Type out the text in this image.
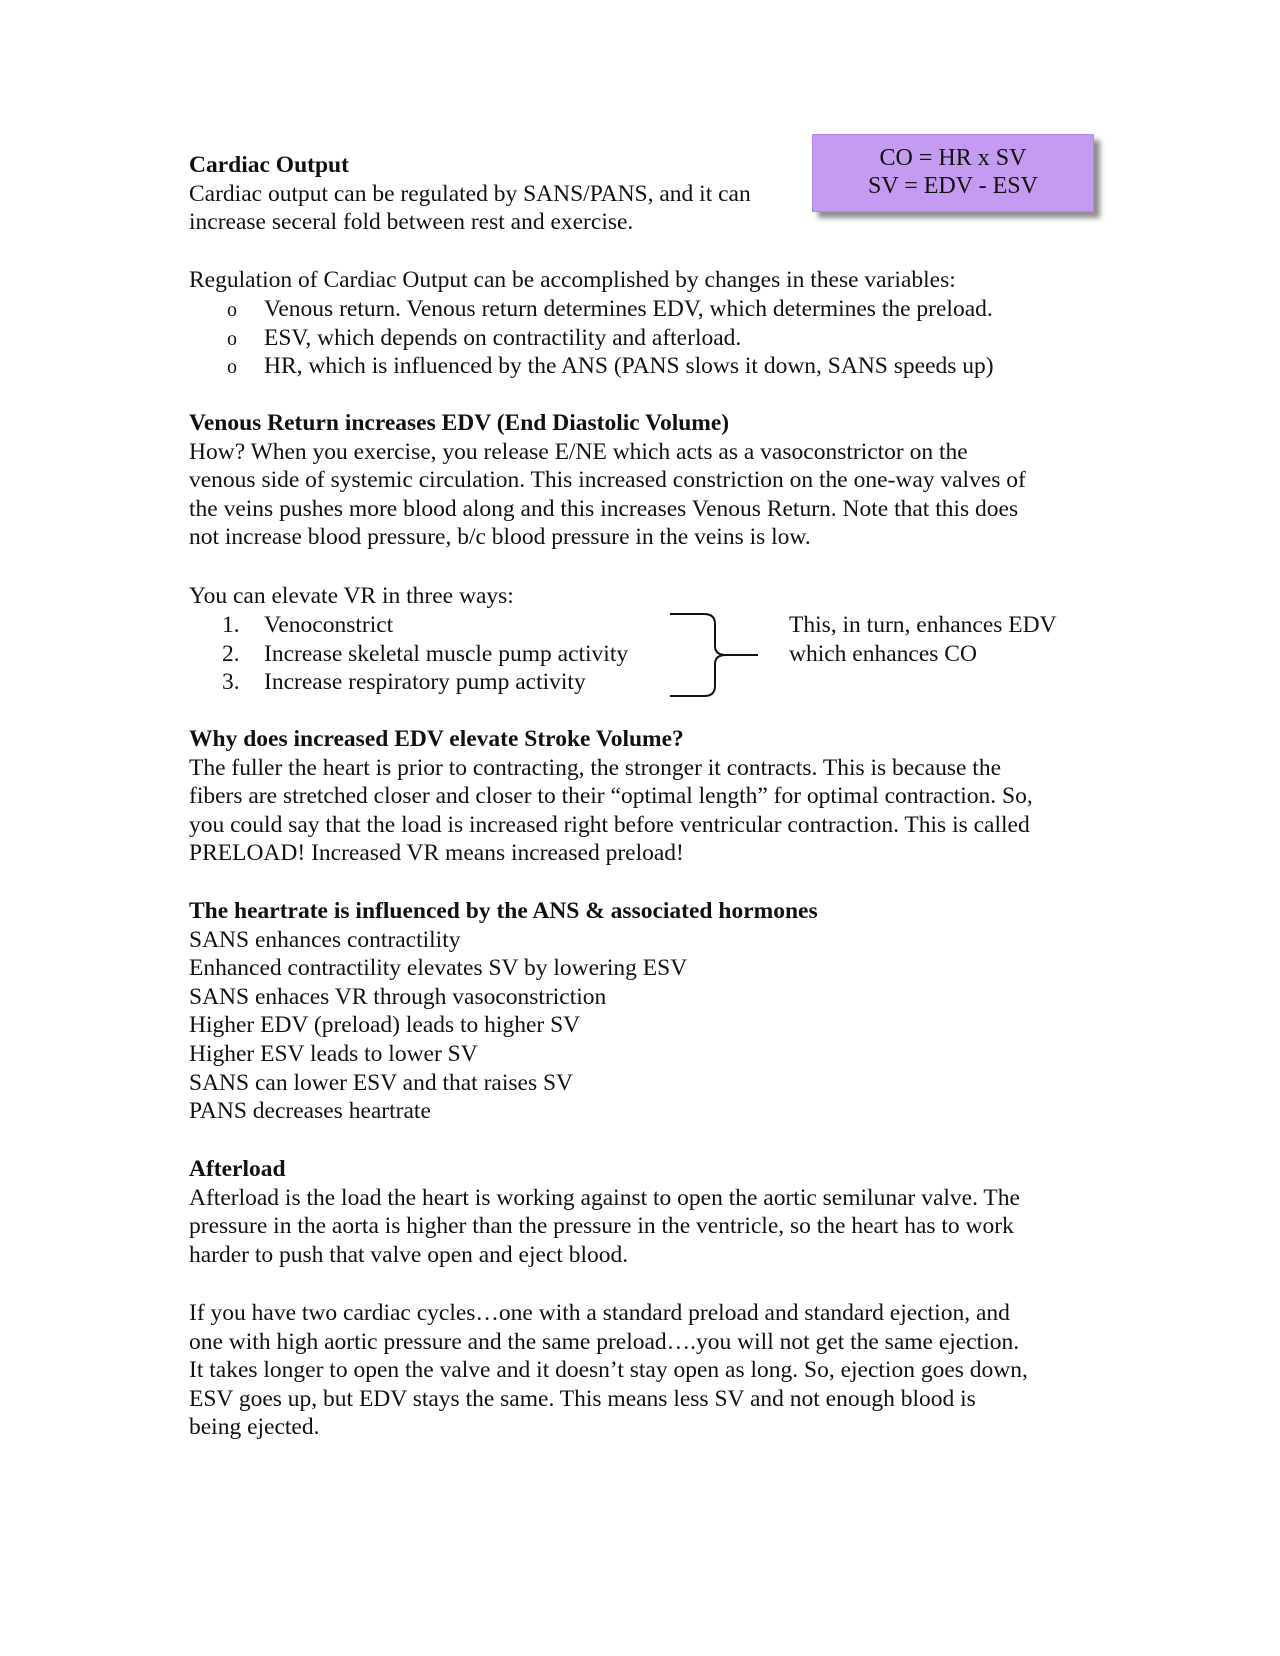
CO = HR x SV
SV = EDV - ESV
Cardiac Output
Cardiac output can be regulated by SANS/PANS, and it can
increase seceral fold between rest and exercise.
Regulation of Cardiac Output can be accomplished by changes in these variables:
o Venous return. Venous return determines EDV, which determines the preload.
o ESV, which depends on contractility and afterload.
o HR, which is influenced by the ANS (PANS slows it down, SANS speeds up)
Venous Return increases EDV (End Diastolic Volume)
How? When you exercise, you release E/NE which acts as a vasoconstrictor on the
venous side of systemic circulation. This increased constriction on the one-way valves of
the veins pushes more blood along and this increases Venous Return. Note that this does
not increase blood pressure, b/c blood pressure in the veins is low.
You can elevate VR in three ways:
1. Venoconstrict
2. Increase skeletal muscle pump activity
3. Increase respiratory pump activity
This, in turn, enhances EDV
which enhances CO
Why does increased EDV elevate Stroke Volume?
The fuller the heart is prior to contracting, the stronger it contracts. This is because the
fibers are stretched closer and closer to their “optimal length” for optimal contraction. So,
you could say that the load is increased right before ventricular contraction. This is called
PRELOAD! Increased VR means increased preload!
The heartrate is influenced by the ANS & associated hormones
SANS enhances contractility
Enhanced contractility elevates SV by lowering ESV
SANS enhaces VR through vasoconstriction
Higher EDV (preload) leads to higher SV
Higher ESV leads to lower SV
SANS can lower ESV and that raises SV
PANS decreases heartrate
Afterload
Afterload is the load the heart is working against to open the aortic semilunar valve. The
pressure in the aorta is higher than the pressure in the ventricle, so the heart has to work
harder to push that valve open and eject blood.
If you have two cardiac cycles…one with a standard preload and standard ejection, and
one with high aortic pressure and the same preload….you will not get the same ejection.
It takes longer to open the valve and it doesn’t stay open as long. So, ejection goes down,
ESV goes up, but EDV stays the same. This means less SV and not enough blood is
being ejected.
